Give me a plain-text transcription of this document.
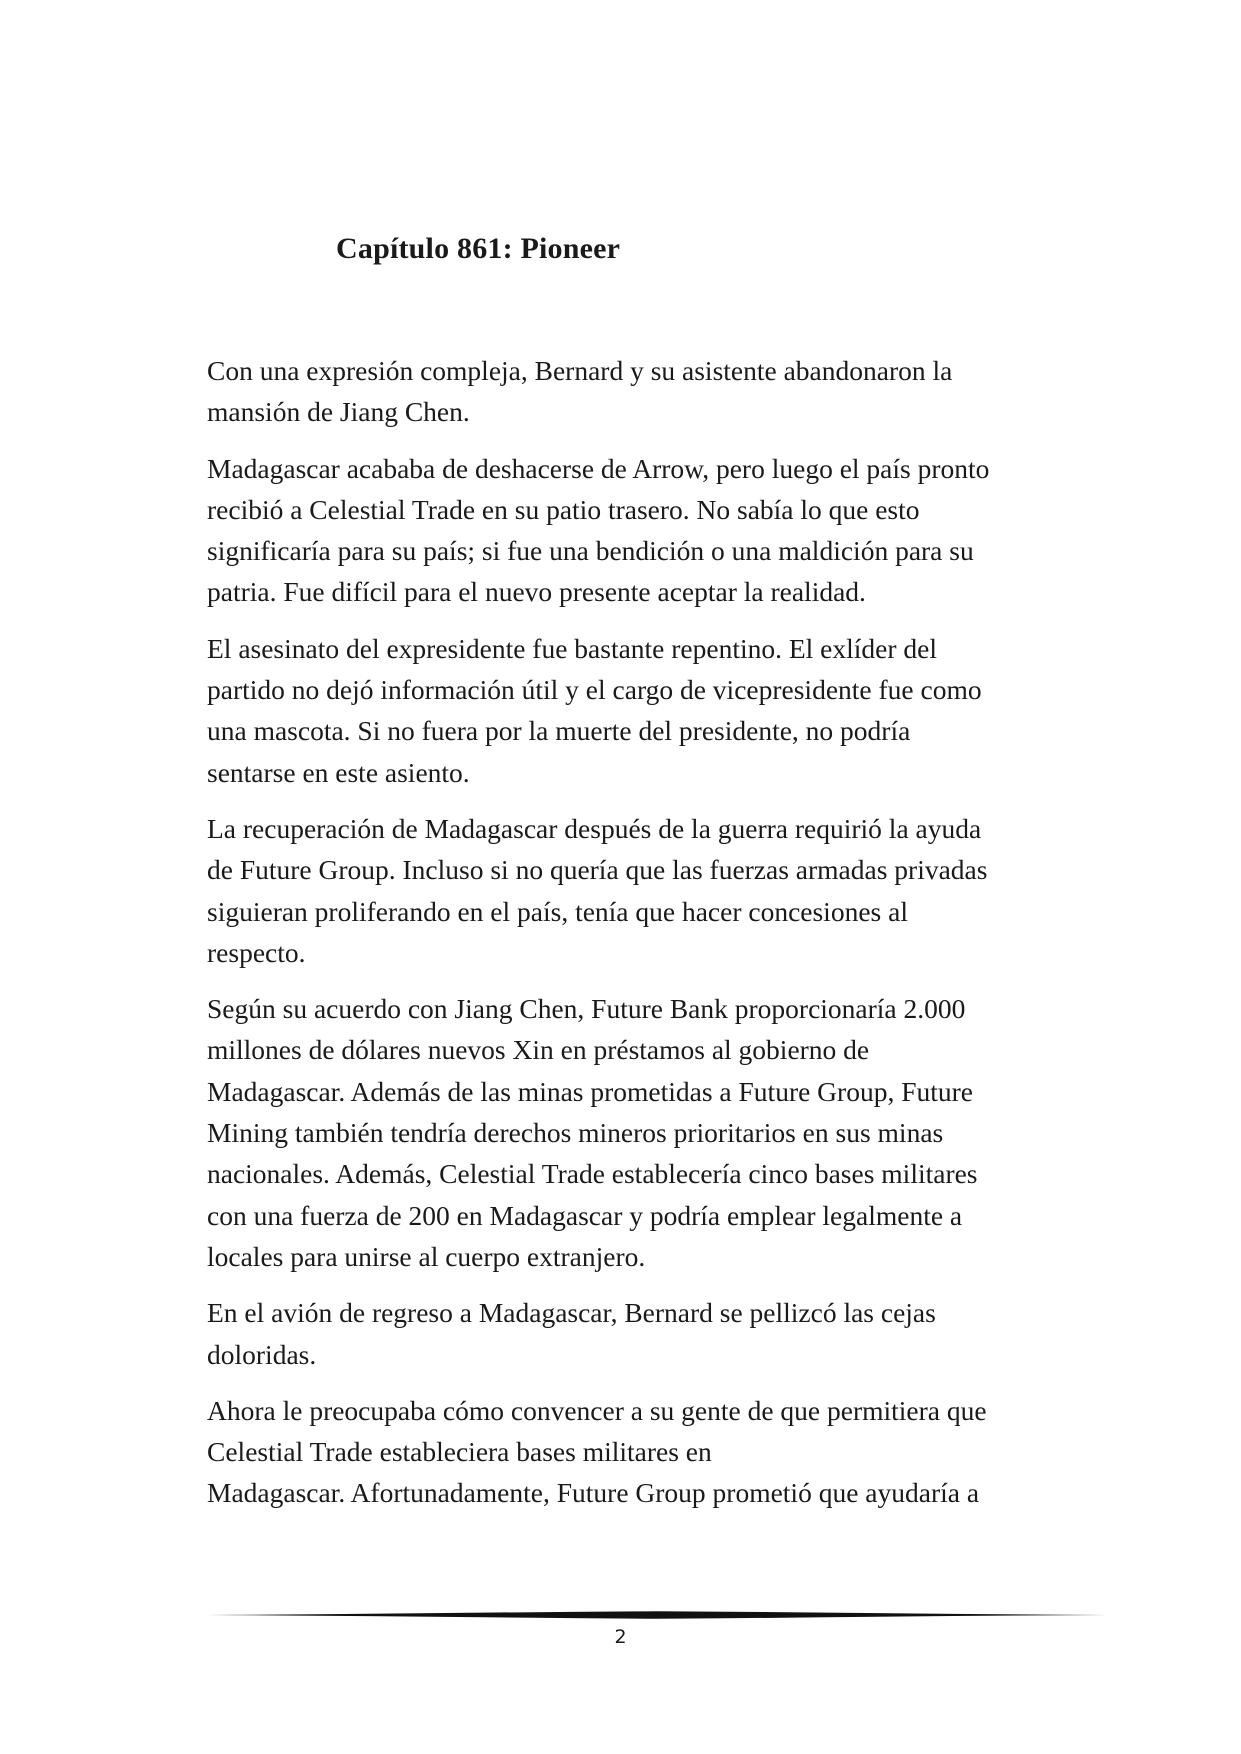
Capítulo 861: Pioneer

Con una expresión compleja, Bernard y su asistente abandonaron la
mansión de Jiang Chen.

Madagascar acababa de deshacerse de Arrow, pero luego el país pronto
recibió a Celestial Trade en su patio trasero. No sabía lo que esto
significaría para su país; si fue una bendición o una maldición para su
patria. Fue difícil para el nuevo presente aceptar la realidad.

El asesinato del expresidente fue bastante repentino. El exlíder del
partido no dejó información útil y el cargo de vicepresidente fue como
una mascota. Si no fuera por la muerte del presidente, no podría
sentarse en este asiento.

La recuperación de Madagascar después de la guerra requirió la ayuda
de Future Group. Incluso si no quería que las fuerzas armadas privadas
siguieran proliferando en el país, tenía que hacer concesiones al
respecto.

Según su acuerdo con Jiang Chen, Future Bank proporcionaría 2.000
millones de dólares nuevos Xin en préstamos al gobierno de
Madagascar. Además de las minas prometidas a Future Group, Future
Mining también tendría derechos mineros prioritarios en sus minas
nacionales. Además, Celestial Trade establecería cinco bases militares
con una fuerza de 200 en Madagascar y podría emplear legalmente a
locales para unirse al cuerpo extranjero.

En el avión de regreso a Madagascar, Bernard se pellizcó las cejas
doloridas.

Ahora le preocupaba cómo convencer a su gente de que permitiera que
Celestial Trade estableciera bases militares en
Madagascar. Afortunadamente, Future Group prometió que ayudaría a

2
